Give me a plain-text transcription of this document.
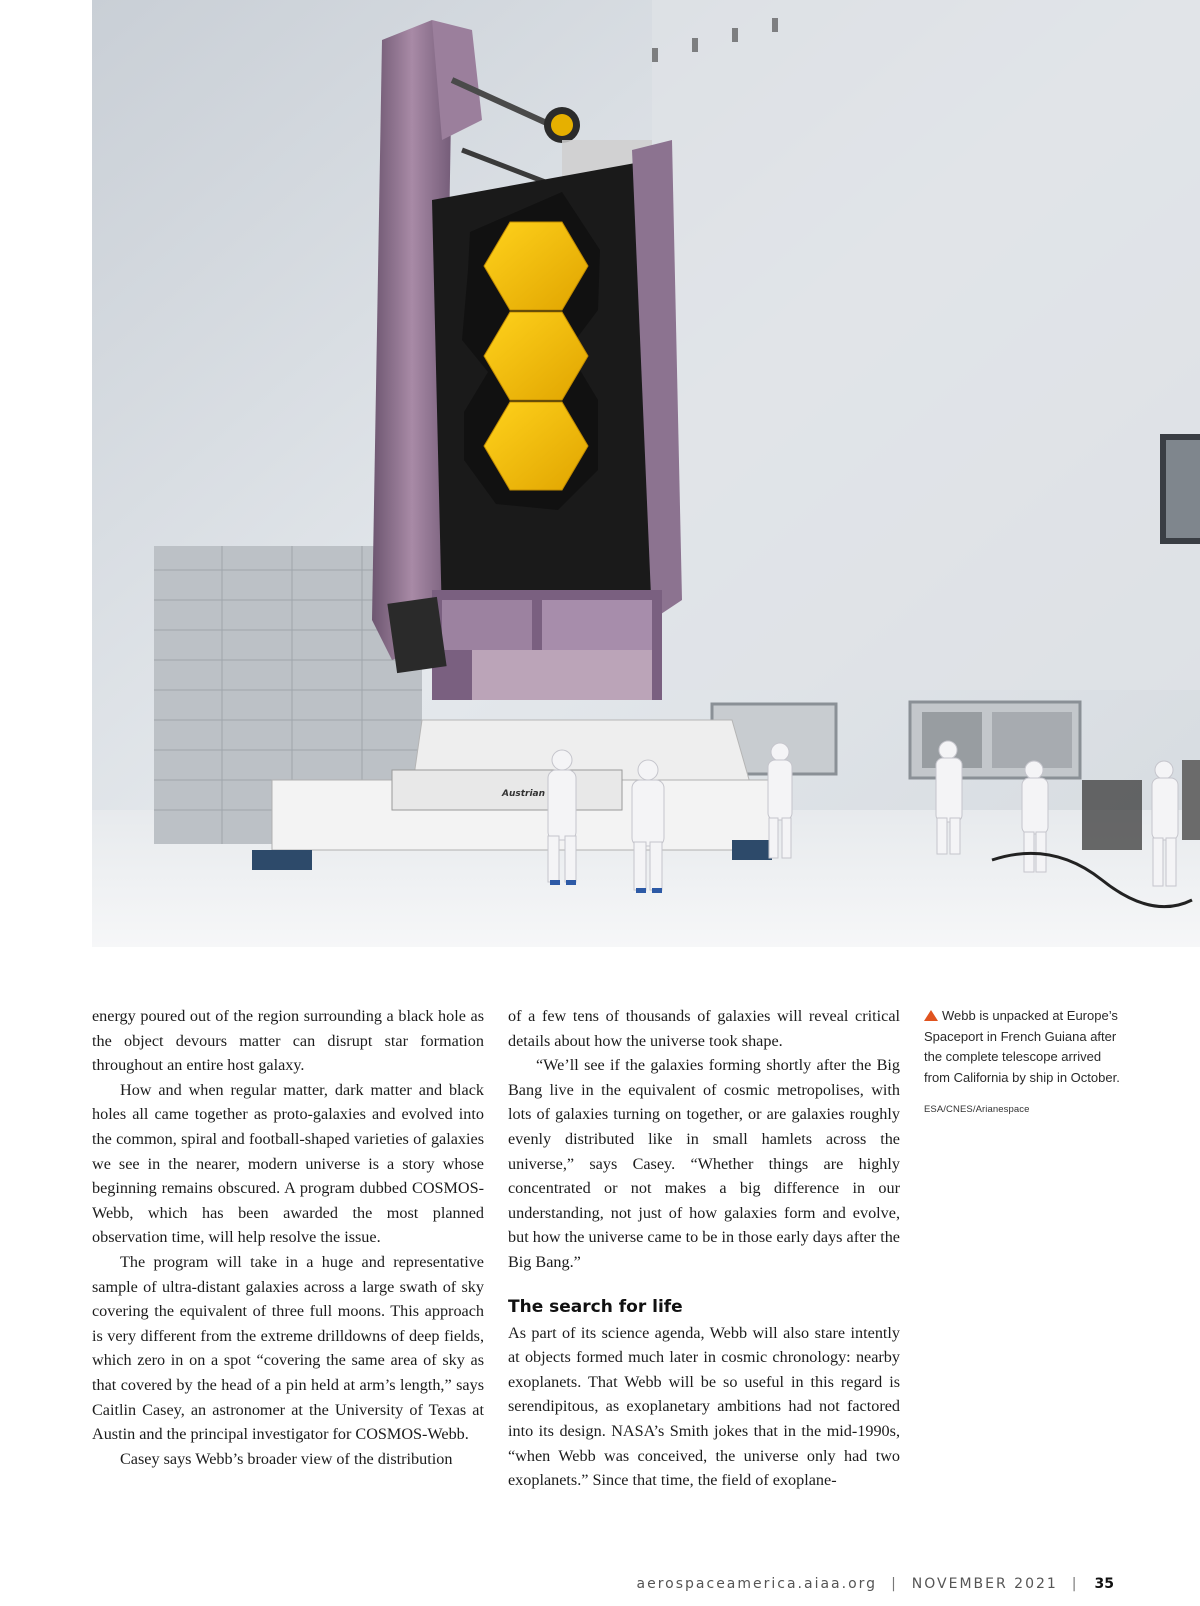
Austrian

energy poured out of the region surrounding a black hole as the object devours matter can disrupt star formation throughout an entire host galaxy.

How and when regular matter, dark matter and black holes all came together as proto-galaxies and evolved into the common, spiral and football-shaped varieties of galaxies we see in the nearer, modern universe is a story whose beginning remains obscured. A program dubbed COSMOS-Webb, which has been awarded the most planned observation time, will help resolve the issue.

The program will take in a huge and representative sample of ultra-distant galaxies across a large swath of sky covering the equivalent of three full moons. This approach is very different from the extreme drilldowns of deep fields, which zero in on a spot “covering the same area of sky as that covered by the head of a pin held at arm’s length,” says Caitlin Casey, an astronomer at the University of Texas at Austin and the principal investigator for COSMOS-Webb.

Casey says Webb’s broader view of the distribution

of a few tens of thousands of galaxies will reveal critical details about how the universe took shape.

“We’ll see if the galaxies forming shortly after the Big Bang live in the equivalent of cosmic metropolises, with lots of galaxies turning on together, or are galaxies roughly evenly distributed like in small hamlets across the universe,” says Casey. “Whether things are highly concentrated or not makes a big difference in our understanding, not just of how galaxies form and evolve, but how the universe came to be in those early days after the Big Bang.”

The search for life

As part of its science agenda, Webb will also stare intently at objects formed much later in cosmic chronology: nearby exoplanets. That Webb will be so useful in this regard is serendipitous, as exoplanetary ambitions had not factored into its design. NASA’s Smith jokes that in the mid-1990s, “when Webb was conceived, the universe only had two exoplanets.” Since that time, the field of exoplane-

Webb is unpacked at Europe’s Spaceport in French Guiana after the complete telescope arrived from California by ship in October.

ESA/CNES/Arianespace

aerospaceamerica.aiaa.org | NOVEMBER 2021 | 35
